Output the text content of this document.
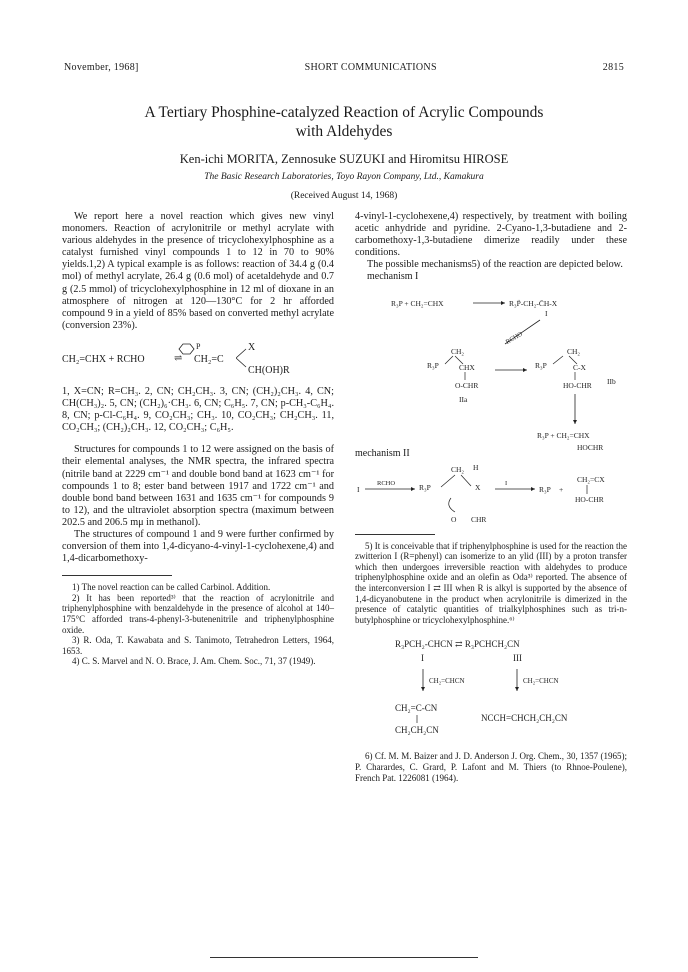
November, 1968]	SHORT COMMUNICATIONS	2815
A Tertiary Phosphine-catalyzed Reaction of Acrylic Compounds
with Aldehydes
Ken-ichi MORITA, Zennosuke SUZUKI and Hiromitsu HIROSE
The Basic Research Laboratories, Toyo Rayon Company, Ltd., Kamakura
(Received August 14, 1968)

We report here a novel reaction which gives new vinyl monomers. Reaction of acrylonitrile or methyl acrylate with various aldehydes in the presence of tricyclohexylphosphine as a catalyst furnished vinyl compounds 1 to 12 in 70 to 90% yields.1,2) A typical example is as follows: reaction of 34.4 g (0.4 mol) of methyl acrylate, 26.4 g (0.6 mol) of acetaldehyde and 0.7 g (2.5 mmol) of tricyclohexylphosphine in 12 ml of dioxane in an atmosphere of nitrogen at 120—130°C for 2 hr afforded compound 9 in a yield of 85% based on converted methyl acrylate (conversion 23%).

CH₂=CHX + RCHO
P
⇌ CH₂=C
X
CH(OH)R

1, X=CN; R=CH₃. 2, CN; CH₂CH₃. 3, CN; (CH₂)₂CH₃. 4, CN; CH(CH₃)₂. 5, CN; (CH₂)₆·CH₃. 6, CN; C₆H₅. 7, CN; p-CH₃-C₆H₄. 8, CN; p-Cl-C₆H₄. 9, CO₂CH₃; CH₃. 10, CO₂CH₃; CH₂CH₃. 11, CO₂CH₃; (CH₂)₂CH₃. 12, CO₂CH₃; C₆H₅.

Structures for compounds 1 to 12 were assigned on the basis of their elemental analyses, the NMR spectra, the infrared spectra (nitrile band at 2229 cm⁻¹ and double bond band at 1623 cm⁻¹ for compounds 1 to 8; ester band between 1917 and 1722 cm⁻¹ and double bond band between 1631 and 1635 cm⁻¹ for compounds 9 to 12), and the ultraviolet absorption spectra (maximum between 202.5 and 206.5 mμ in methanol).

The structures of compound 1 and 9 were further confirmed by conversion of them into 1,4-dicyano-4-vinyl-1-cyclohexene,4) and 1,4-dicarbomethoxy-

1) The novel reaction can be called Carbinol. Addition.

2) It has been reported³⁾ that the reaction of acrylonitrile and triphenylphosphine with benzaldehyde in the presence of alcohol at 140–175°C afforded trans-4-phenyl-3-butenenitrile and triphenylphosphine oxide.

3) R. Oda, T. Kawabata and S. Tanimoto, Tetrahedron Letters, 1964, 1653.

4) C. S. Marvel and N. O. Brace, J. Am. Chem. Soc., 71, 37 (1949).

4-vinyl-1-cyclohexene,4) respectively, by treatment with boiling acetic anhydride and pyridine. 2-Cyano-1,3-butadiene and 2-carbomethoxy-1,3-butadiene dimerize readily under these conditions.

The possible mechanisms5) of the reaction are depicted below.

mechanism I
R₃P + CH₂=CHX	R₃P̈-CH₂-C̄H-X
I
RCHO
CH₂
R₃P	CHX
O-CHR
IIa
CH₂
R₃P	C-X
HO-CHR IIb
R₃P + CH₂=CHX
HOCHR
mechanism II
I
RCHO	R₃P
CH₂ H
X
O CHR
I
R₃P +
CH₂=CX
HO-CHR

5) It is conceivable that if triphenylphosphine is used for the reaction the zwitterion I (R=phenyl) can isomerize to an ylid (III) by a proton transfer which then undergoes irreversible reaction with aldehydes to produce triphenylphosphine oxide and an olefin as Oda³⁾ reported. The absence of the interconversion I ⇄ III when R is alkyl is supported by the absence of 1,4-dicyanobutene in the product when acrylonitrile is dimerized in the presence of catalytic quantities of trialkylphosphines such as tri-n-butylphosphine or tricyclohexylphosphine.⁶⁾

R₃PCH₂-CHCN ⇄ R₃PCHCH₂CN
I	III
CH₂=CHCN	CH₂=CHCN
CH₂=C-CN
CH₂CH₂CN
NCCH=CHCH₂CH₂CN

6) Cf. M. M. Baizer and J. D. Anderson J. Org. Chem., 30, 1357 (1965); P. Charardes, C. Grard, P. Lafont and M. Thiers (to Rhnoe-Poulene), French Pat. 1226081 (1964).
